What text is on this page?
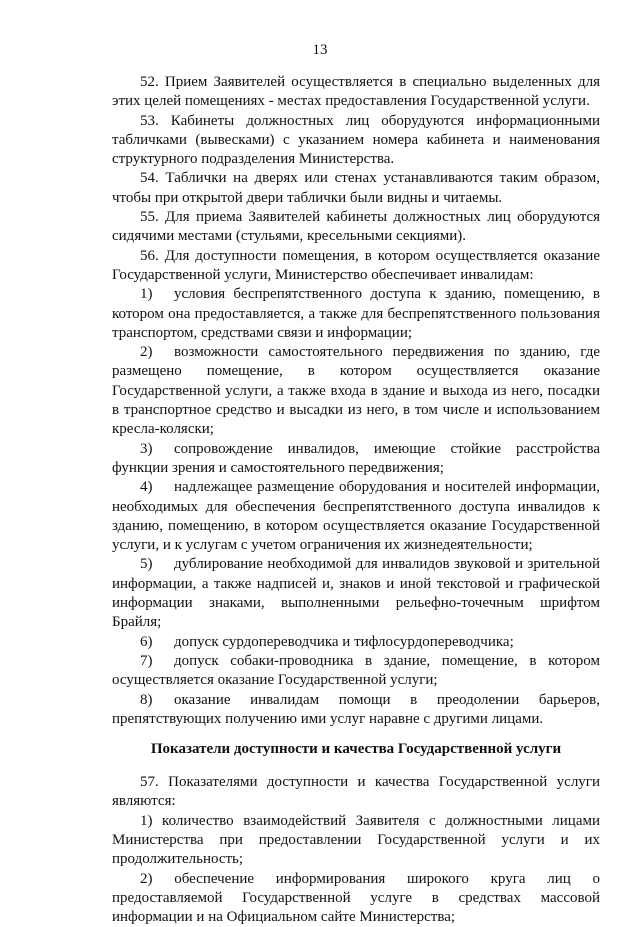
13

52. Прием Заявителей осуществляется в специально выделенных для этих целей помещениях - местах предоставления Государственной услуги.

53. Кабинеты должностных лиц оборудуются информационными табличками (вывесками) с указанием номера кабинета и наименования структурного подразделения Министерства.

54. Таблички на дверях или стенах устанавливаются таким образом, чтобы при открытой двери таблички были видны и читаемы.

55. Для приема Заявителей кабинеты должностных лиц оборудуются сидячими местами (стульями, кресельными секциями).

56. Для доступности помещения, в котором осуществляется оказание Государственной услуги, Министерство обеспечивает инвалидам:

1) условия беспрепятственного доступа к зданию, помещению, в котором она предоставляется, а также для беспрепятственного пользования транспортом, средствами связи и информации;

2) возможности самостоятельного передвижения по зданию, где размещено помещение, в котором осуществляется оказание Государственной услуги, а также входа в здание и выхода из него, посадки в транспортное средство и высадки из него, в том числе и использованием кресла-коляски;

3) сопровождение инвалидов, имеющие стойкие расстройства функции зрения и самостоятельного передвижения;

4) надлежащее размещение оборудования и носителей информации, необходимых для обеспечения беспрепятственного доступа инвалидов к зданию, помещению, в котором осуществляется оказание Государственной услуги, и к услугам с учетом ограничения их жизнедеятельности;

5) дублирование необходимой для инвалидов звуковой и зрительной информации, а также надписей и, знаков и иной текстовой и графической информации знаками, выполненными рельефно-точечным шрифтом Брайля;

6) допуск сурдопереводчика и тифлосурдопереводчика;

7) допуск собаки-проводника в здание, помещение, в котором осуществляется оказание Государственной услуги;

8) оказание инвалидам помощи в преодолении барьеров, препятствующих получению ими услуг наравне с другими лицами.

Показатели доступности и качества Государственной услуги

57. Показателями доступности и качества Государственной услуги являются:

1) количество взаимодействий Заявителя с должностными лицами Министерства при предоставлении Государственной услуги и их продолжительность;

2) обеспечение информирования широкого круга лиц о предоставляемой Государственной услуге в средствах массовой информации и на Официальном сайте Министерства;
